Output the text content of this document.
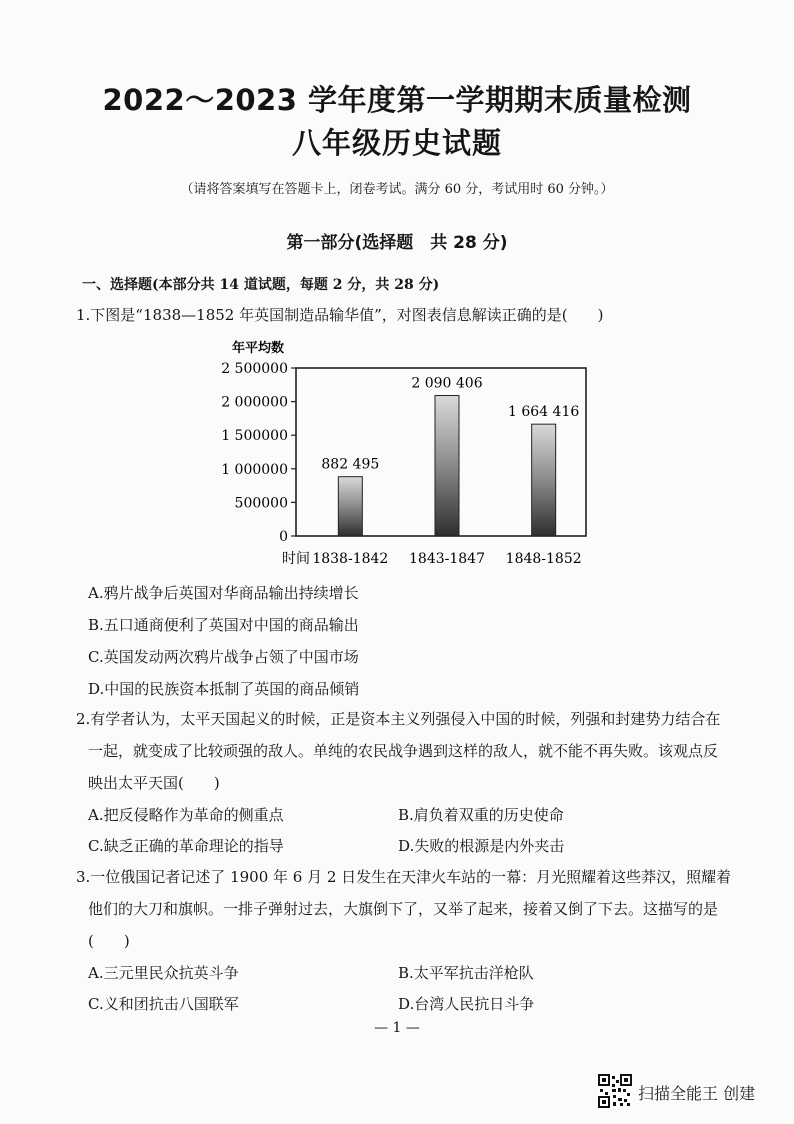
2022～2023 学年度第一学期期末质量检测
八年级历史试题
（请将答案填写在答题卡上，闭卷考试。满分 60 分，考试用时 60 分钟。）
第一部分(选择题　共 28 分)
一、选择题(本部分共 14 道试题，每题 2 分，共 28 分)
1.下图是“1838—1852 年英国制造品输华值”，对图表信息解读正确的是(　　)
年平均数
0
500000
1 000000
1 500000
2 000000
2 500000
882 495
2 090 406
1 664 416
时间 1838-1842 1843-1847 1848-1852
A.鸦片战争后英国对华商品输出持续增长
B.五口通商便利了英国对中国的商品输出
C.英国发动两次鸦片战争占领了中国市场
D.中国的民族资本抵制了英国的商品倾销
2.有学者认为，太平天国起义的时候，正是资本主义列强侵入中国的时候，列强和封建势力结合在
一起，就变成了比较顽强的敌人。单纯的农民战争遇到这样的敌人，就不能不再失败。该观点反
映出太平天国(　　)
A.把反侵略作为革命的侧重点	B.肩负着双重的历史使命
C.缺乏正确的革命理论的指导	D.失败的根源是内外夹击
3.一位俄国记者记述了 1900 年 6 月 2 日发生在天津火车站的一幕：月光照耀着这些莽汉，照耀着
他们的大刀和旗帜。一排子弹射过去，大旗倒下了，又举了起来，接着又倒了下去。这描写的是
(　　)
A.三元里民众抗英斗争	B.太平军抗击洋枪队
C.义和团抗击八国联军	D.台湾人民抗日斗争
— 1 —
扫描全能王 创建
